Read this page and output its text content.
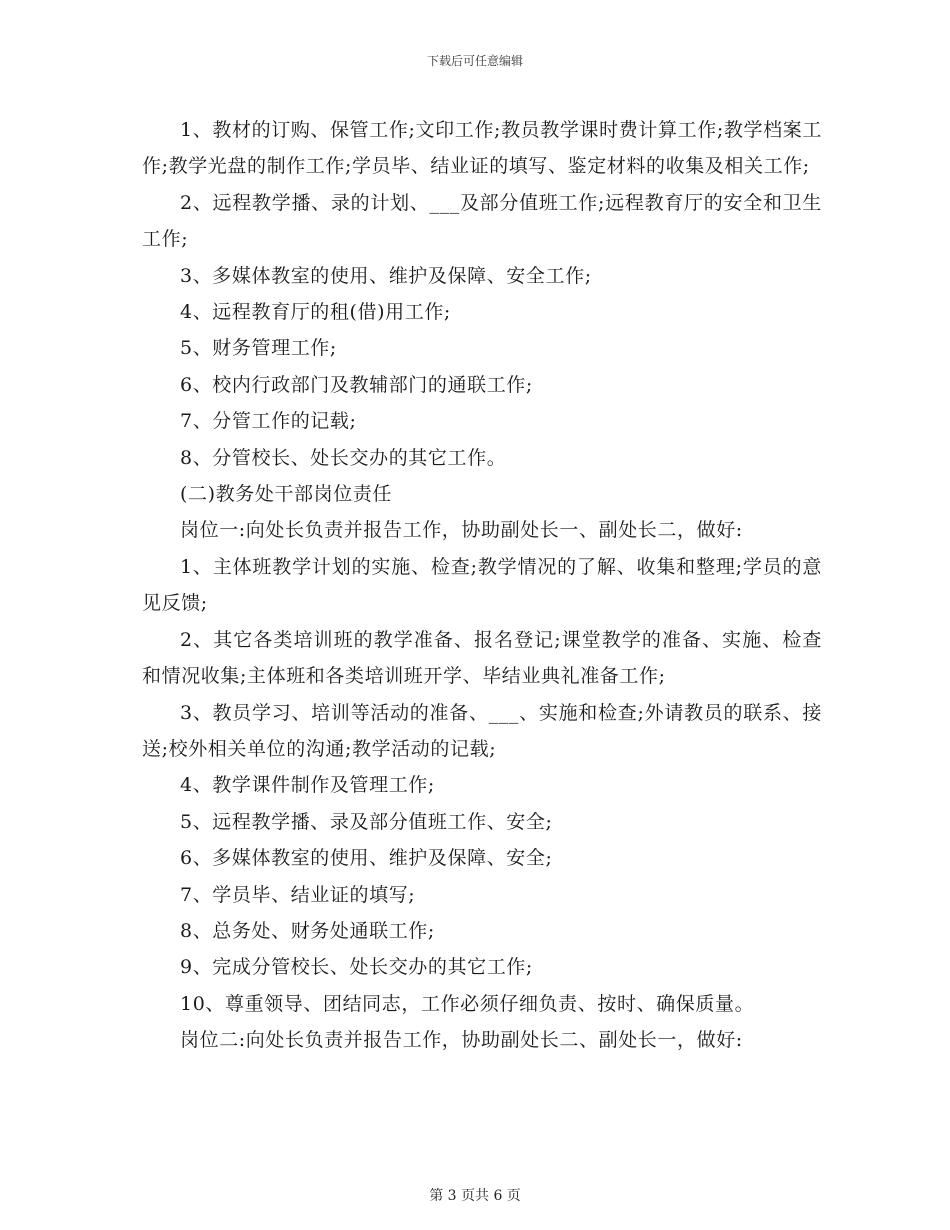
下载后可任意编辑

1、教材的订购、保管工作;文印工作;教员教学课时费计算工作;教学档案工作;教学光盘的制作工作;学员毕、结业证的填写、鉴定材料的收集及相关工作;

2、远程教学播、录的计划、___及部分值班工作;远程教育厅的安全和卫生工作;

3、多媒体教室的使用、维护及保障、安全工作;

4、远程教育厅的租(借)用工作;

5、财务管理工作;

6、校内行政部门及教辅部门的通联工作;

7、分管工作的记载;

8、分管校长、处长交办的其它工作。

(二)教务处干部岗位责任

岗位一:向处长负责并报告工作，协助副处长一、副处长二，做好:

1、主体班教学计划的实施、检查;教学情况的了解、收集和整理;学员的意见反馈;

2、其它各类培训班的教学准备、报名登记;课堂教学的准备、实施、检查和情况收集;主体班和各类培训班开学、毕结业典礼准备工作;

3、教员学习、培训等活动的准备、___、实施和检查;外请教员的联系、接送;校外相关单位的沟通;教学活动的记载;

4、教学课件制作及管理工作;

5、远程教学播、录及部分值班工作、安全;

6、多媒体教室的使用、维护及保障、安全;

7、学员毕、结业证的填写;

8、总务处、财务处通联工作;

9、完成分管校长、处长交办的其它工作;

10、尊重领导、团结同志，工作必须仔细负责、按时、确保质量。

岗位二:向处长负责并报告工作，协助副处长二、副处长一，做好:

第 3 页共 6 页
